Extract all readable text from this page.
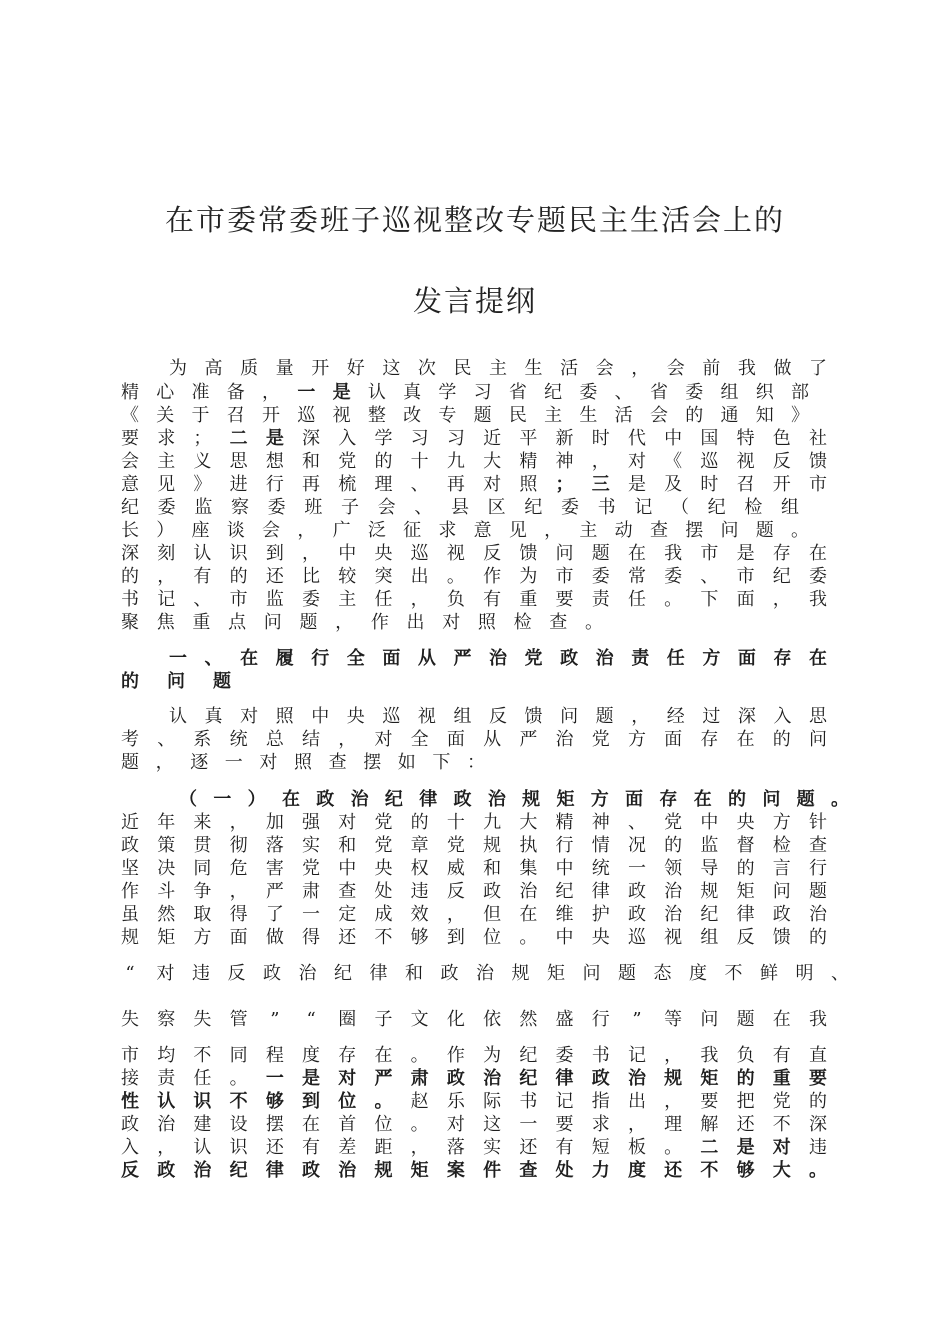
在市委常委班子巡视整改专题民主生活会上的
发言提纲
为 高 质 量 开 好 这 次 民 主 生 活 会 ， 会 前 我 做 了
精 心 准 备 ， 一 是 认 真 学 习 省 纪 委 、 省 委 组 织 部
《 关 于 召 开 巡 视 整 改 专 题 民 主 生 活 会 的 通 知 》
要 求 ； 二 是 深 入 学 习 习 近 平 新 时 代 中 国 特 色 社
会 主 义 思 想 和 党 的 十 九 大 精 神 ， 对 《 巡 视 反 馈
意 见 》 进 行 再 梳 理 、 再 对 照 ； 三 是 及 时 召 开 市
纪 委 监 察 委 班 子 会 、 县 区 纪 委 书 记 （ 纪 检 组
长 ） 座 谈 会 ， 广 泛 征 求 意 见 ， 主 动 查 摆 问 题 。
深 刻 认 识 到 ， 中 央 巡 视 反 馈 问 题 在 我 市 是 存 在
的 ， 有 的 还 比 较 突 出 。 作 为 市 委 常 委 、 市 纪 委
书 记 、 市 监 委 主 任 ， 负 有 重 要 责 任 。 下 面 ， 我
聚 焦 重 点 问 题 ， 作 出 对 照 检 查 。
一 、 在 履 行 全 面 从 严 治 党 政 治 责 任 方 面 存 在
的 问 题
认 真 对 照 中 央 巡 视 组 反 馈 问 题 ， 经 过 深 入 思
考 、 系 统 总 结 ， 对 全 面 从 严 治 党 方 面 存 在 的 问
题 ， 逐 一 对 照 查 摆 如 下 ：
（ 一 ） 在 政 治 纪 律 政 治 规 矩 方 面 存 在 的 问 题 。
近 年 来 ， 加 强 对 党 的 十 九 大 精 神 、 党 中 央 方 针
政 策 贯 彻 落 实 和 党 章 党 规 执 行 情 况 的 监 督 检 查
坚 决 同 危 害 党 中 央 权 威 和 集 中 统 一 领 导 的 言 行
作 斗 争 ， 严 肃 查 处 违 反 政 治 纪 律 政 治 规 矩 问 题
虽 然 取 得 了 一 定 成 效 ， 但 在 维 护 政 治 纪 律 政 治
规 矩 方 面 做 得 还 不 够 到 位 。 中 央 巡 视 组 反 馈 的
“	对 违 反 政 治 纪 律 和 政 治 规 矩 问 题 态 度 不 鲜 明 、
失 察 失 管	”	“	圈 子 文 化 依 然 盛 行	”	等 问 题 在 我
市 均 不 同 程 度 存 在 。 作 为 纪 委 书 记 ， 我 负 有 直
接 责 任 。 一 是 对 严 肃 政 治 纪 律 政 治 规 矩 的 重 要
性 认 识 不 够 到 位 。 赵 乐 际 书 记 指 出 ， 要 把 党 的
政 治 建 设 摆 在 首 位 。 对 这 一 要 求 ， 理 解 还 不 深
入 ， 认 识 还 有 差 距 ， 落 实 还 有 短 板 。 二 是 对 违
反 政 治 纪 律 政 治 规 矩 案 件 查 处 力 度 还 不 够 大 。
